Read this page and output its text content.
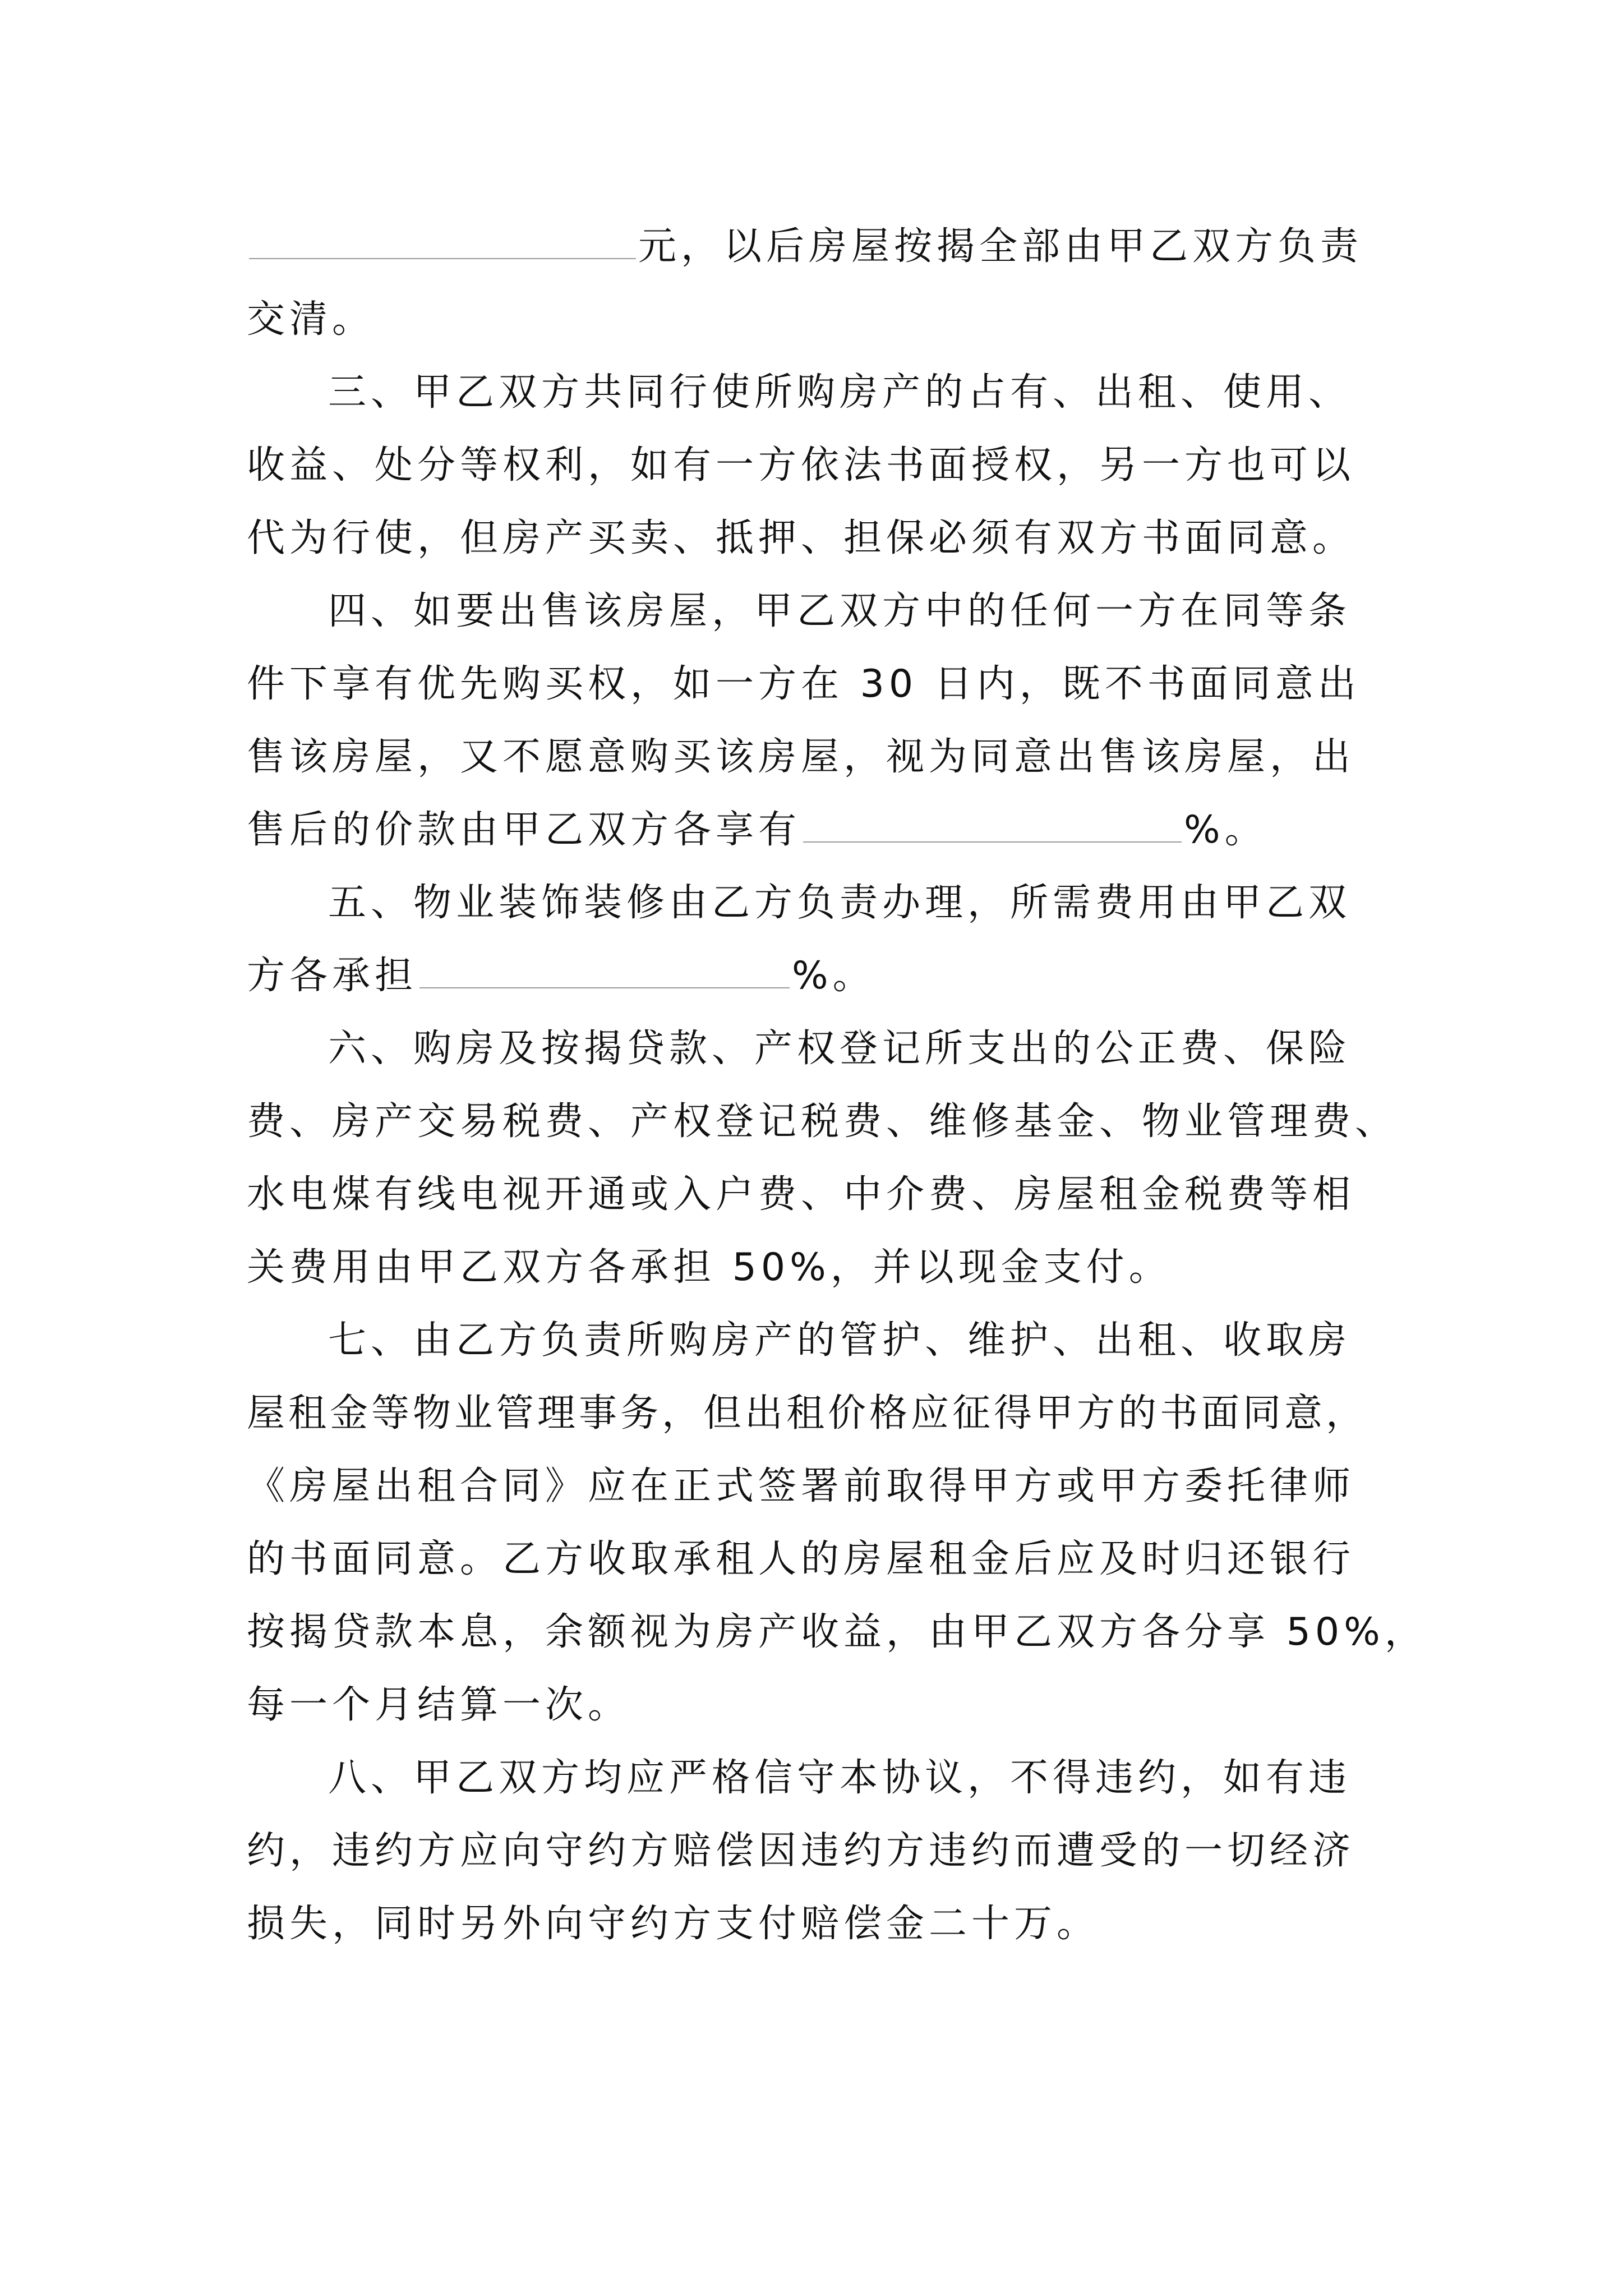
元，以后房屋按揭全部由甲乙双方负责
交清。
三、甲乙双方共同行使所购房产的占有、出租、使用、
收益、处分等权利，如有一方依法书面授权，另一方也可以
代为行使，但房产买卖、抵押、担保必须有双方书面同意。
四、如要出售该房屋，甲乙双方中的任何一方在同等条
件下享有优先购买权，如一方在 30 日内，既不书面同意出
售该房屋，又不愿意购买该房屋，视为同意出售该房屋，出
售后的价款由甲乙双方各享有	%。
五、物业装饰装修由乙方负责办理，所需费用由甲乙双
方各承担	%。
六、购房及按揭贷款、产权登记所支出的公正费、保险
费、房产交易税费、产权登记税费、维修基金、物业管理费、
水电煤有线电视开通或入户费、中介费、房屋租金税费等相
关费用由甲乙双方各承担 50%，并以现金支付。
七、由乙方负责所购房产的管护、维护、出租、收取房
屋租金等物业管理事务，但出租价格应征得甲方的书面同意，
《房屋出租合同》应在正式签署前取得甲方或甲方委托律师
的书面同意。乙方收取承租人的房屋租金后应及时归还银行
按揭贷款本息，余额视为房产收益，由甲乙双方各分享 50%，
每一个月结算一次。
八、甲乙双方均应严格信守本协议，不得违约，如有违
约，违约方应向守约方赔偿因违约方违约而遭受的一切经济
损失，同时另外向守约方支付赔偿金二十万。
